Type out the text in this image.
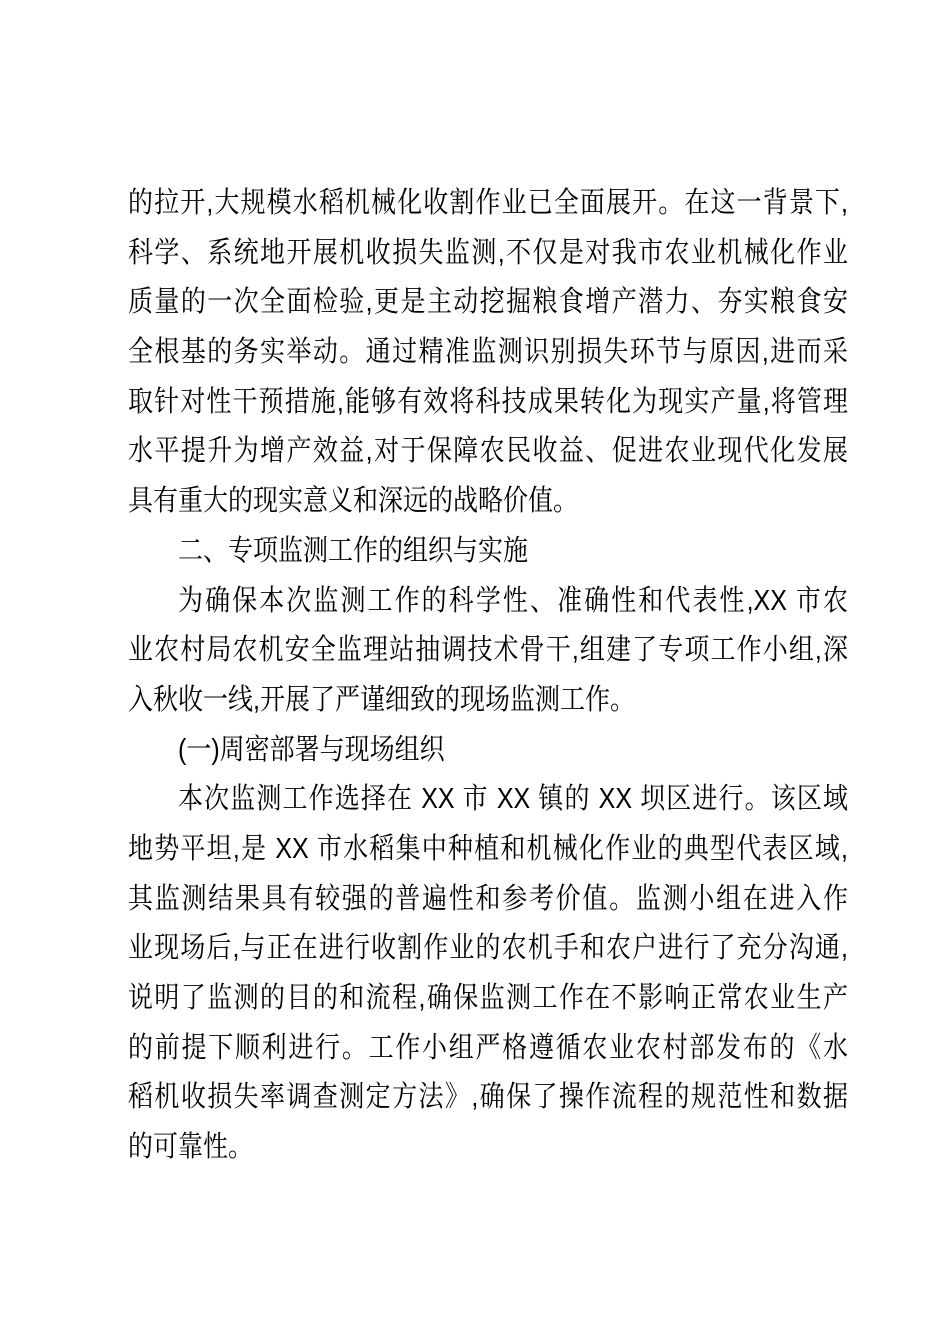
的拉开,大规模水稻机械化收割作业已全面展开。在这一背景下,
科学、系统地开展机收损失监测,不仅是对我市农业机械化作业
质量的一次全面检验,更是主动挖掘粮食增产潜力、夯实粮食安
全根基的务实举动。通过精准监测识别损失环节与原因,进而采
取针对性干预措施,能够有效将科技成果转化为现实产量,将管理
水平提升为增产效益,对于保障农民收益、促进农业现代化发展
具有重大的现实意义和深远的战略价值。
二、专项监测工作的组织与实施
为确保本次监测工作的科学性、准确性和代表性,XX 市农
业农村局农机安全监理站抽调技术骨干,组建了专项工作小组,深
入秋收一线,开展了严谨细致的现场监测工作。
(一)周密部署与现场组织
本次监测工作选择在 XX 市 XX 镇的 XX 坝区进行。该区域
地势平坦,是 XX 市水稻集中种植和机械化作业的典型代表区域,
其监测结果具有较强的普遍性和参考价值。监测小组在进入作
业现场后,与正在进行收割作业的农机手和农户进行了充分沟通,
说明了监测的目的和流程,确保监测工作在不影响正常农业生产
的前提下顺利进行。工作小组严格遵循农业农村部发布的《水
稻机收损失率调查测定方法》,确保了操作流程的规范性和数据
的可靠性。
